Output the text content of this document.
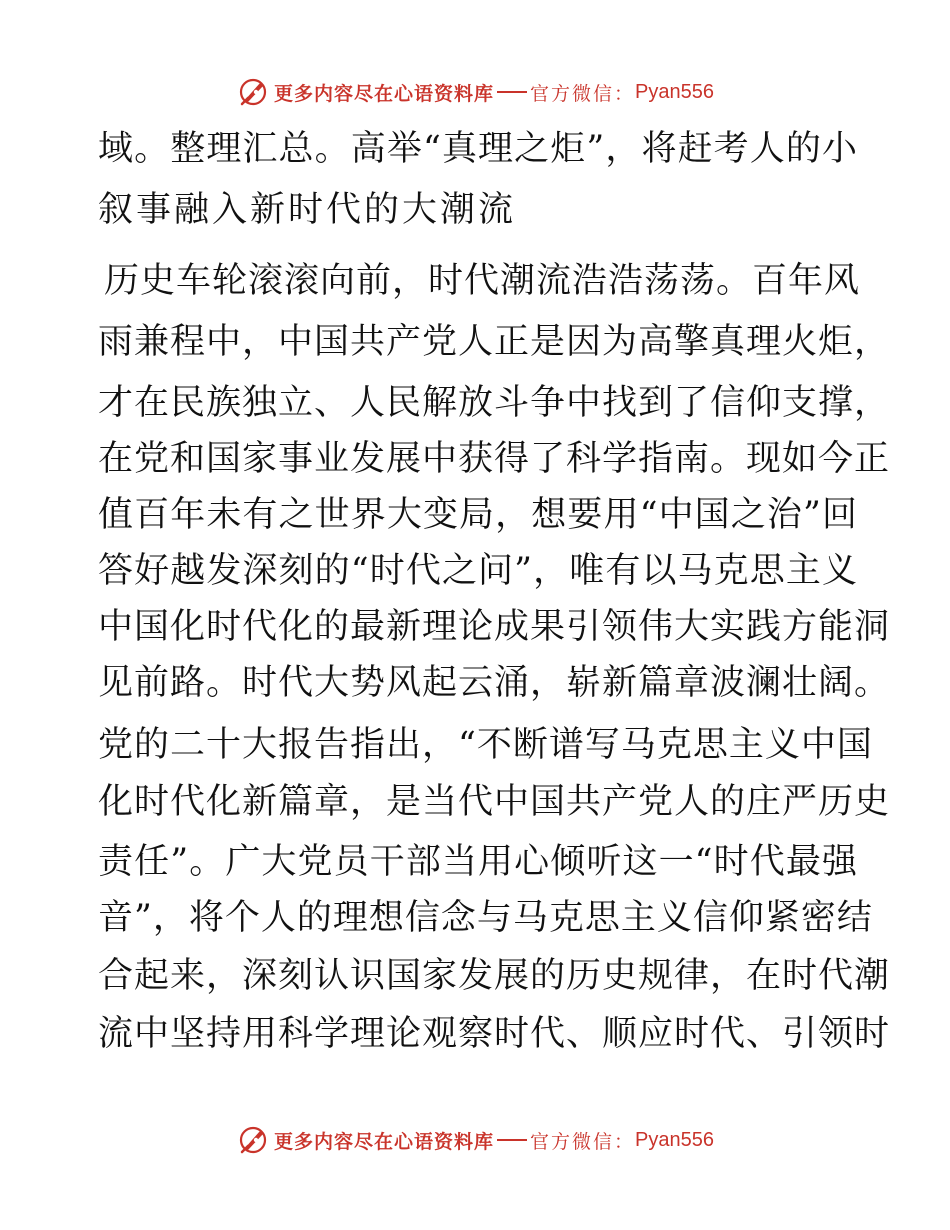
更多内容尽在心语资料库 官方微信： Pyan556
域。整理汇总。高举“真理之炬”，将赶考人的小
叙事融入新时代的大潮流
历史车轮滚滚向前，时代潮流浩浩荡荡。百年风
雨兼程中，中国共产党人正是因为高擎真理火炬，
才在民族独立、人民解放斗争中找到了信仰支撑，
在党和国家事业发展中获得了科学指南。现如今正
值百年未有之世界大变局，想要用“中国之治”回
答好越发深刻的“时代之问”，唯有以马克思主义
中国化时代化的最新理论成果引领伟大实践方能洞
见前路。时代大势风起云涌，崭新篇章波澜壮阔。
党的二十大报告指出，“不断谱写马克思主义中国
化时代化新篇章，是当代中国共产党人的庄严历史
责任”。广大党员干部当用心倾听这一“时代最强
音”，将个人的理想信念与马克思主义信仰紧密结
合起来，深刻认识国家发展的历史规律，在时代潮
流中坚持用科学理论观察时代、顺应时代、引领时
更多内容尽在心语资料库 官方微信： Pyan556
